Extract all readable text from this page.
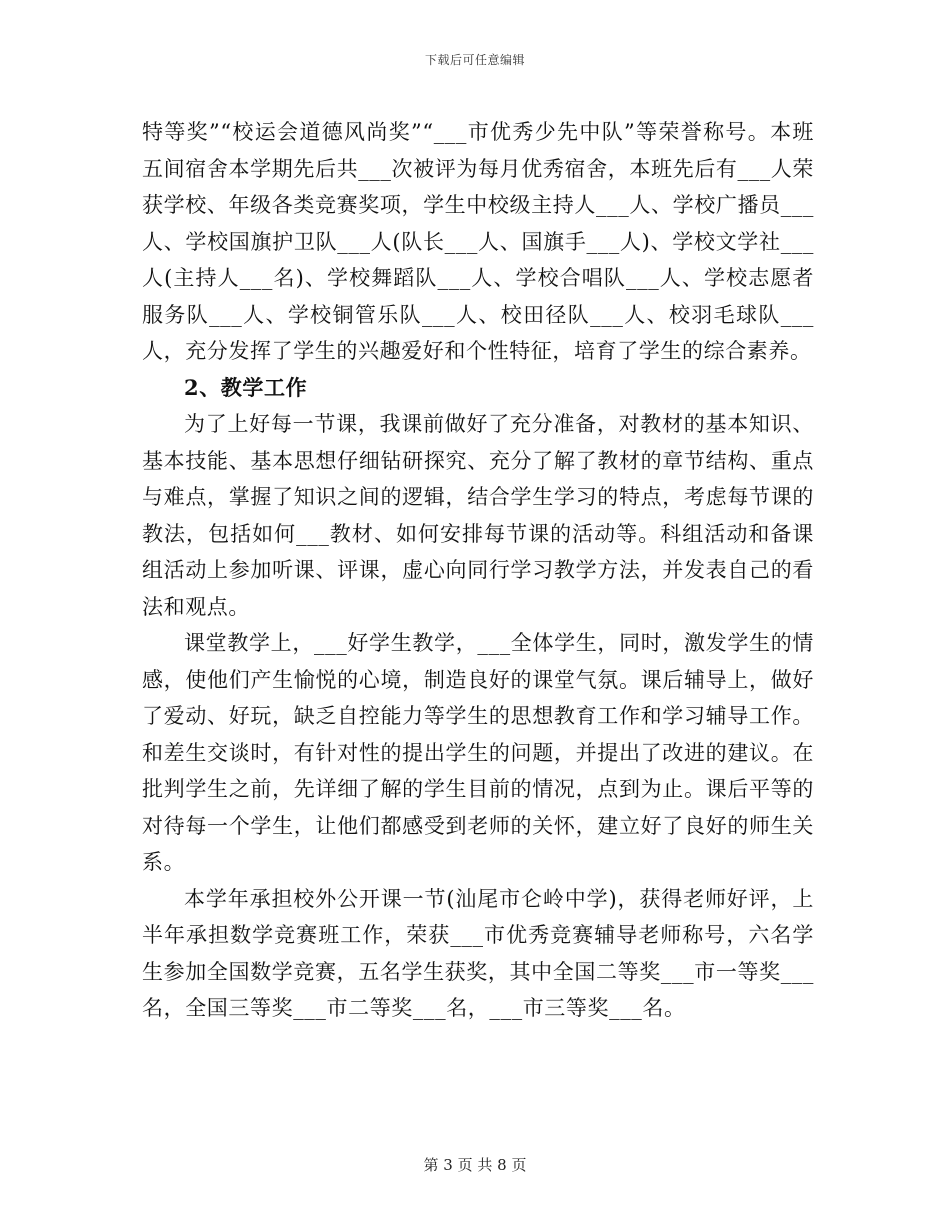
下载后可任意编辑

特等奖”“校运会道德风尚奖”“___市优秀少先中队”等荣誉称号。本班五间宿舍本学期先后共___次被评为每月优秀宿舍，本班先后有___人荣获学校、年级各类竞赛奖项，学生中校级主持人___人、学校广播员___人、学校国旗护卫队___人(队长___人、国旗手___人)、学校文学社___人(主持人___名)、学校舞蹈队___人、学校合唱队___人、学校志愿者服务队___人、学校铜管乐队___人、校田径队___人、校羽毛球队___人，充分发挥了学生的兴趣爱好和个性特征，培育了学生的综合素养。

2、教学工作

为了上好每一节课，我课前做好了充分准备，对教材的基本知识、基本技能、基本思想仔细钻研探究、充分了解了教材的章节结构、重点与难点，掌握了知识之间的逻辑，结合学生学习的特点，考虑每节课的教法，包括如何___教材、如何安排每节课的活动等。科组活动和备课组活动上参加听课、评课，虚心向同行学习教学方法，并发表自己的看法和观点。

课堂教学上，___好学生教学，___全体学生，同时，激发学生的情感，使他们产生愉悦的心境，制造良好的课堂气氛。课后辅导上，做好了爱动、好玩，缺乏自控能力等学生的思想教育工作和学习辅导工作。和差生交谈时，有针对性的提出学生的问题，并提出了改进的建议。在批判学生之前，先详细了解的学生目前的情况，点到为止。课后平等的对待每一个学生，让他们都感受到老师的关怀，建立好了良好的师生关系。

本学年承担校外公开课一节(汕尾市仑岭中学)，获得老师好评，上半年承担数学竞赛班工作，荣获___市优秀竞赛辅导老师称号，六名学生参加全国数学竞赛，五名学生获奖，其中全国二等奖___市一等奖___名，全国三等奖___市二等奖___名，___市三等奖___名。

第 3 页 共 8 页
